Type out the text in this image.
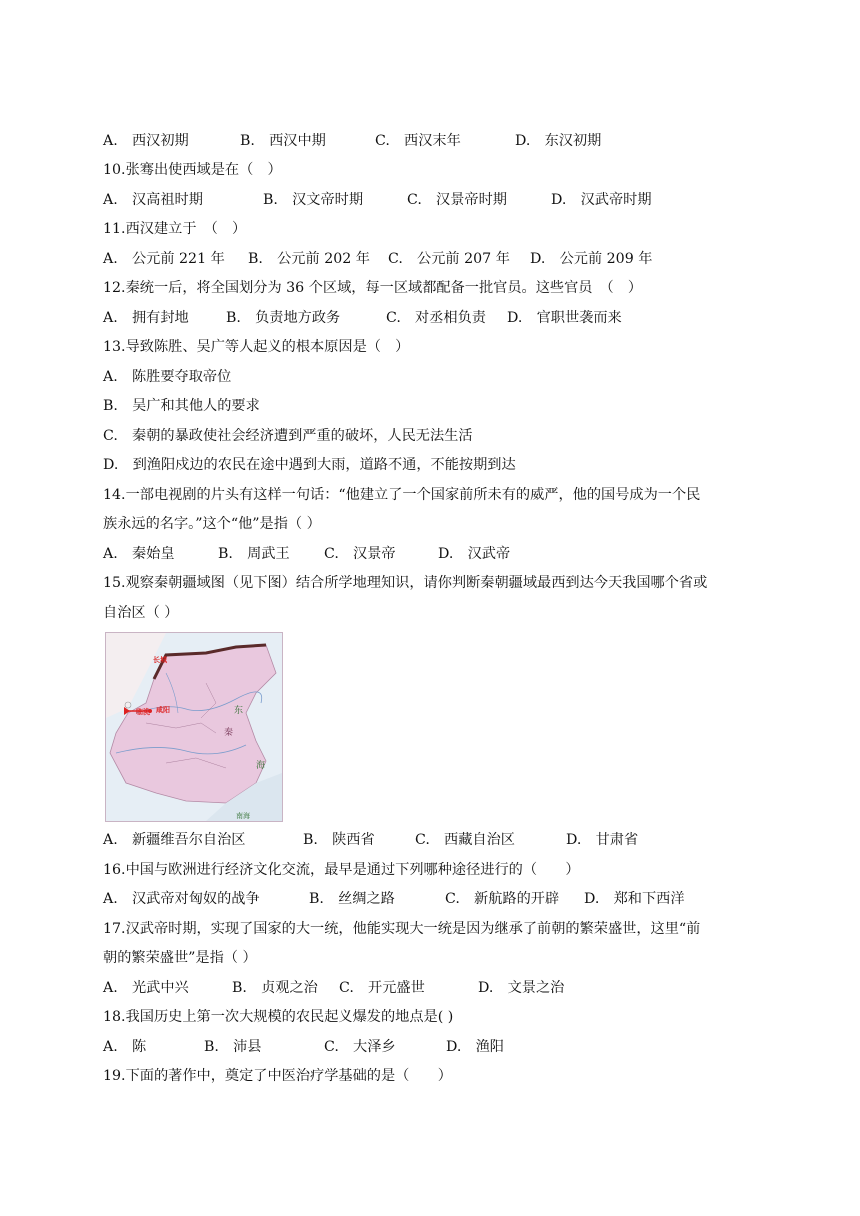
A.　西汉初期	B.　西汉中期	C.　西汉末年	D.　东汉初期
10.张骞出使西域是在（　）
A.　汉高祖时期	B.　汉文帝时期	C.　汉景帝时期	D.　汉武帝时期
11.西汉建立于　（　）
A.　公元前 221 年 B.　公元前 202 年 C.　公元前 207 年 D.　公元前 209 年
12.秦统一后，将全国划分为 36 个区域，每一区域都配备一批官员。这些官员　（　）
A.　拥有封地	B.　负责地方政务	C.　对丞相负责 D.　官职世袭而来
13.导致陈胜、吴广等人起义的根本原因是（　）
A.　陈胜要夺取帝位
B.　吴广和其他人的要求
C.　秦朝的暴政使社会经济遭到严重的破坏，人民无法生活
D.　到渔阳戍边的农民在途中遇到大雨，道路不通，不能按期到达
14.一部电视剧的片头有这样一句话：“他建立了一个国家前所未有的威严，他的国号成为一个民
族永远的名字。”这个“他”是指（ ）
A.　秦始皇	B.　周武王 C.　汉景帝	D.　汉武帝
15.观察秦朝疆域图（见下图）结合所学地理知识，请你判断秦朝疆域最西到达今天我国哪个省或
自治区（ ）
长城
临洮 咸阳	东
海
秦
南海
A.　新疆维吾尔自治区	B.　陕西省	C.　西藏自治区	D.　甘肃省
16.中国与欧洲进行经济文化交流，最早是通过下列哪种途径进行的（　　）
A.　汉武帝对匈奴的战争	B.　丝绸之路	C.　新航路的开辟 D.　郑和下西洋
17.汉武帝时期，实现了国家的大一统，他能实现大一统是因为继承了前朝的繁荣盛世，这里“前
朝的繁荣盛世”是指（ ）
A.　光武中兴	B.　贞观之治 C.　开元盛世	D.　文景之治
18.我国历史上第一次大规模的农民起义爆发的地点是( )
A.　陈	B.　沛县	C.　大泽乡	D.　渔阳
19.下面的著作中，奠定了中医治疗学基础的是（　　）
